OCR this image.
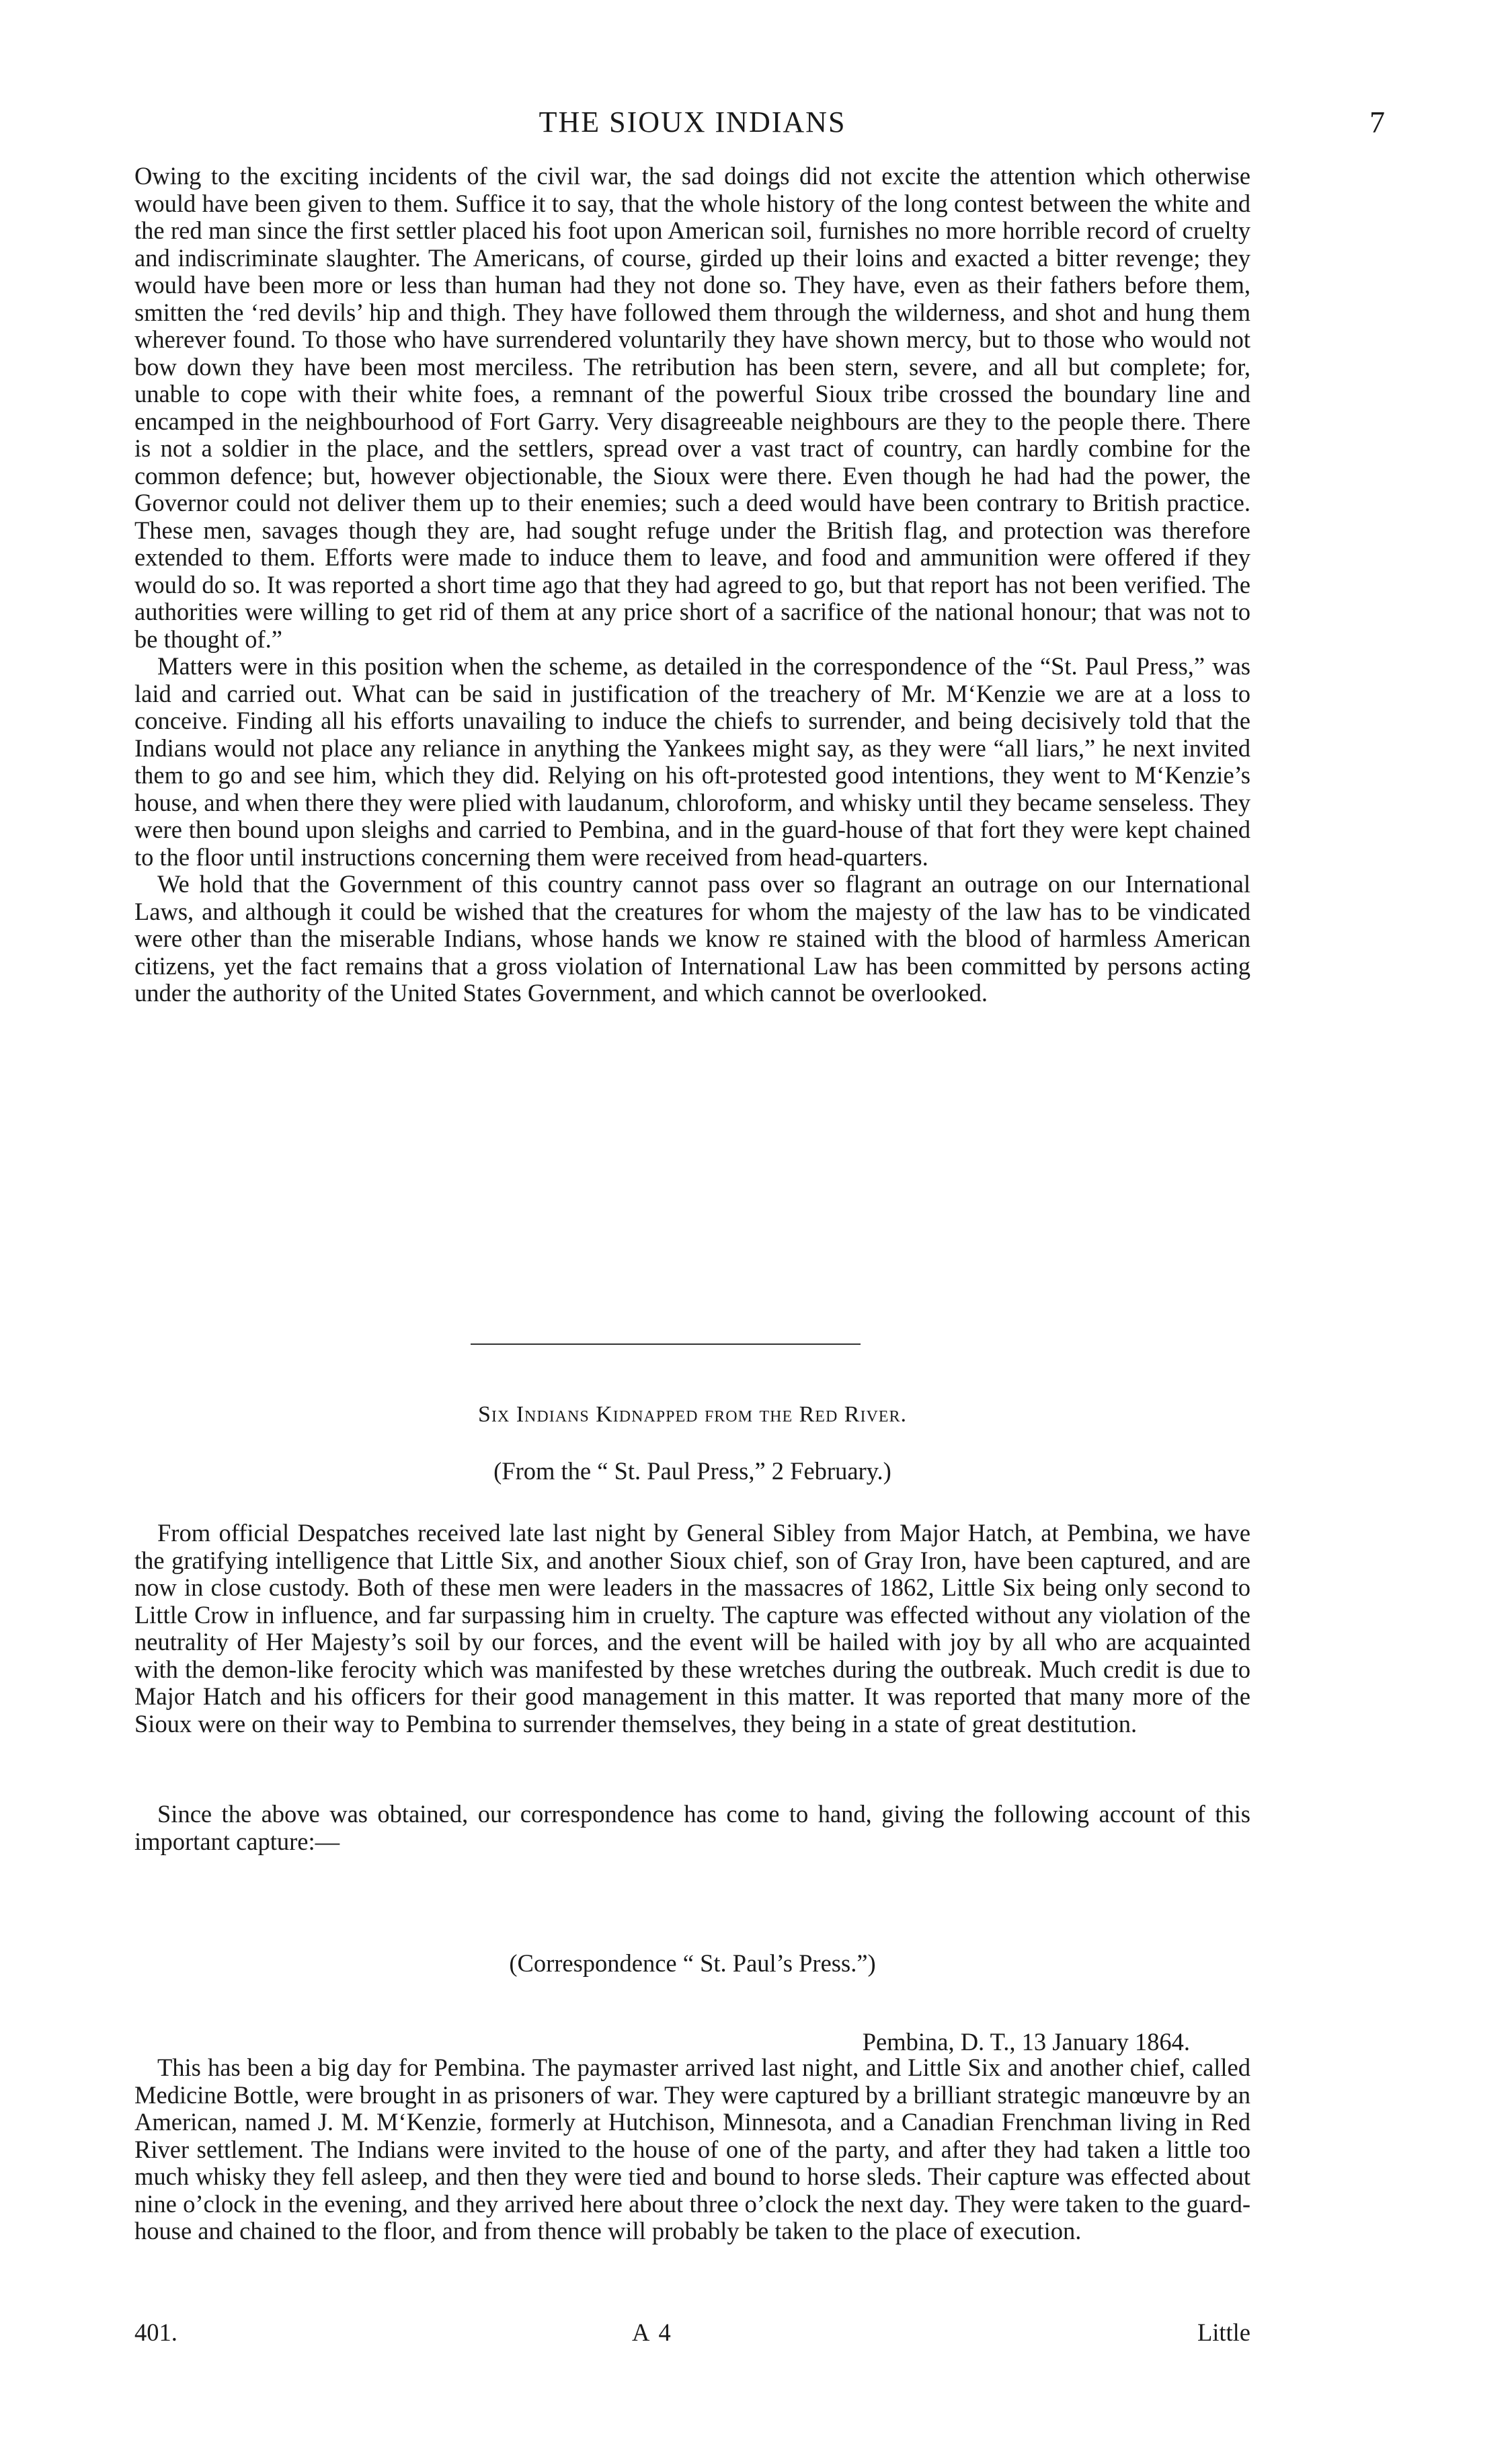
THE SIOUX INDIANS	7

Owing to the exciting incidents of the civil war, the sad doings did not excite the attention which otherwise would have been given to them. Suffice it to say, that the whole history of the long contest between the white and the red man since the first settler placed his foot upon American soil, furnishes no more horrible record of cruelty and indiscriminate slaughter. The Americans, of course, girded up their loins and exacted a bitter revenge; they would have been more or less than human had they not done so. They have, even as their fathers before them, smitten the ‘red devils’ hip and thigh. They have followed them through the wilderness, and shot and hung them wherever found. To those who have surrendered voluntarily they have shown mercy, but to those who would not bow down they have been most merciless. The retribution has been stern, severe, and all but complete; for, unable to cope with their white foes, a remnant of the powerful Sioux tribe crossed the boundary line and encamped in the neighbourhood of Fort Garry. Very disagreeable neighbours are they to the people there. There is not a soldier in the place, and the settlers, spread over a vast tract of country, can hardly combine for the common defence; but, however objectionable, the Sioux were there. Even though he had had the power, the Governor could not deliver them up to their enemies; such a deed would have been contrary to British practice. These men, savages though they are, had sought refuge under the British flag, and protection was therefore extended to them. Efforts were made to induce them to leave, and food and ammunition were offered if they would do so. It was reported a short time ago that they had agreed to go, but that report has not been verified. The authorities were willing to get rid of them at any price short of a sacrifice of the national honour; that was not to be thought of.”

Matters were in this position when the scheme, as detailed in the correspondence of the “St. Paul Press,” was laid and carried out. What can be said in justification of the treachery of Mr. M‘Kenzie we are at a loss to conceive. Finding all his efforts unavailing to induce the chiefs to surrender, and being decisively told that the Indians would not place any reliance in anything the Yankees might say, as they were “all liars,” he next invited them to go and see him, which they did. Relying on his oft-protested good intentions, they went to M‘Kenzie’s house, and when there they were plied with laudanum, chloroform, and whisky until they became senseless. They were then bound upon sleighs and carried to Pembina, and in the guard-house of that fort they were kept chained to the floor until instructions concerning them were received from head-quarters.

We hold that the Government of this country cannot pass over so flagrant an outrage on our International Laws, and although it could be wished that the creatures for whom the majesty of the law has to be vindicated were other than the miserable Indians, whose hands we know re stained with the blood of harmless American citizens, yet the fact remains that a gross violation of International Law has been committed by persons acting under the authority of the United States Government, and which cannot be overlooked.

Six Indians Kidnapped from the Red River.
(From the “ St. Paul Press,” 2 February.)

From official Despatches received late last night by General Sibley from Major Hatch, at Pembina, we have the gratifying intelligence that Little Six, and another Sioux chief, son of Gray Iron, have been captured, and are now in close custody. Both of these men were leaders in the massacres of 1862, Little Six being only second to Little Crow in influence, and far surpassing him in cruelty. The capture was effected without any violation of the neutrality of Her Majesty’s soil by our forces, and the event will be hailed with joy by all who are acquainted with the demon-like ferocity which was manifested by these wretches during the outbreak. Much credit is due to Major Hatch and his officers for their good management in this matter. It was reported that many more of the Sioux were on their way to Pembina to surrender themselves, they being in a state of great destitution.

Since the above was obtained, our correspondence has come to hand, giving the following account of this important capture:—

(Correspondence “ St. Paul’s Press.”)
Pembina, D. T., 13 January 1864.

This has been a big day for Pembina. The paymaster arrived last night, and Little Six and another chief, called Medicine Bottle, were brought in as prisoners of war. They were captured by a brilliant strategic manœuvre by an American, named J. M. M‘Kenzie, formerly at Hutchison, Minnesota, and a Canadian Frenchman living in Red River settlement. The Indians were invited to the house of one of the party, and after they had taken a little too much whisky they fell asleep, and then they were tied and bound to horse sleds. Their capture was effected about nine o’clock in the evening, and they arrived here about three o’clock the next day. They were taken to the guard-house and chained to the floor, and from thence will probably be taken to the place of execution.

401.	A 4	Little
